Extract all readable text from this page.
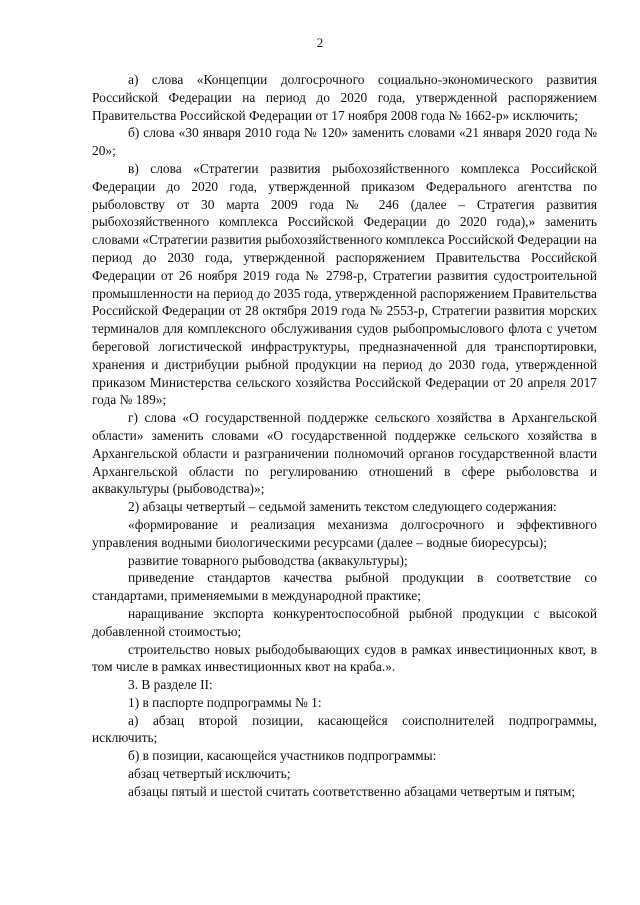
2

а) слова «Концепции долгосрочного социально-экономического развития Российской Федерации на период до 2020 года, утвержденной распоряжением Правительства Российской Федерации от 17 ноября 2008 года № 1662-р» исключить;

б) слова «30 января 2010 года № 120» заменить словами «21 января 2020 года № 20»;

в) слова «Стратегии развития рыбохозяйственного комплекса Российской Федерации до 2020 года, утвержденной приказом Федерального агентства по рыболовству от 30 марта 2009 года № 246 (далее – Стратегия развития рыбохозяйственного комплекса Российской Федерации до 2020 года),» заменить словами «Стратегии развития рыбохозяйственного комплекса Российской Федерации на период до 2030 года, утвержденной распоряжением Правительства Российской Федерации от 26 ноября 2019 года № 2798-р, Стратегии развития судостроительной промышленности на период до 2035 года, утвержденной распоряжением Правительства Российской Федерации от 28 октября 2019 года № 2553-р, Стратегии развития морских терминалов для комплексного обслуживания судов рыбопромыслового флота с учетом береговой логистической инфраструктуры, предназначенной для транспортировки, хранения и дистрибуции рыбной продукции на период до 2030 года, утвержденной приказом Министерства сельского хозяйства Российской Федерации от 20 апреля 2017 года № 189»;

г) слова «О государственной поддержке сельского хозяйства в Архангельской области» заменить словами «О государственной поддержке сельского хозяйства в Архангельской области и разграничении полномочий органов государственной власти Архангельской области по регулированию отношений в сфере рыболовства и аквакультуры (рыбоводства)»;

2) абзацы четвертый – седьмой заменить текстом следующего содержания:

«формирование и реализация механизма долгосрочного и эффективного управления водными биологическими ресурсами (далее – водные биоресурсы);

развитие товарного рыбоводства (аквакультуры);

приведение стандартов качества рыбной продукции в соответствие со стандартами, применяемыми в международной практике;

наращивание экспорта конкурентоспособной рыбной продукции с высокой добавленной стоимостью;

строительство новых рыбодобывающих судов в рамках инвестиционных квот, в том числе в рамках инвестиционных квот на краба.».

3. В разделе II:

1) в паспорте подпрограммы № 1:

а) абзац второй позиции, касающейся соисполнителей подпрограммы, исключить;

б) в позиции, касающейся участников подпрограммы:

абзац четвертый исключить;

абзацы пятый и шестой считать соответственно абзацами четвертым и пятым;
